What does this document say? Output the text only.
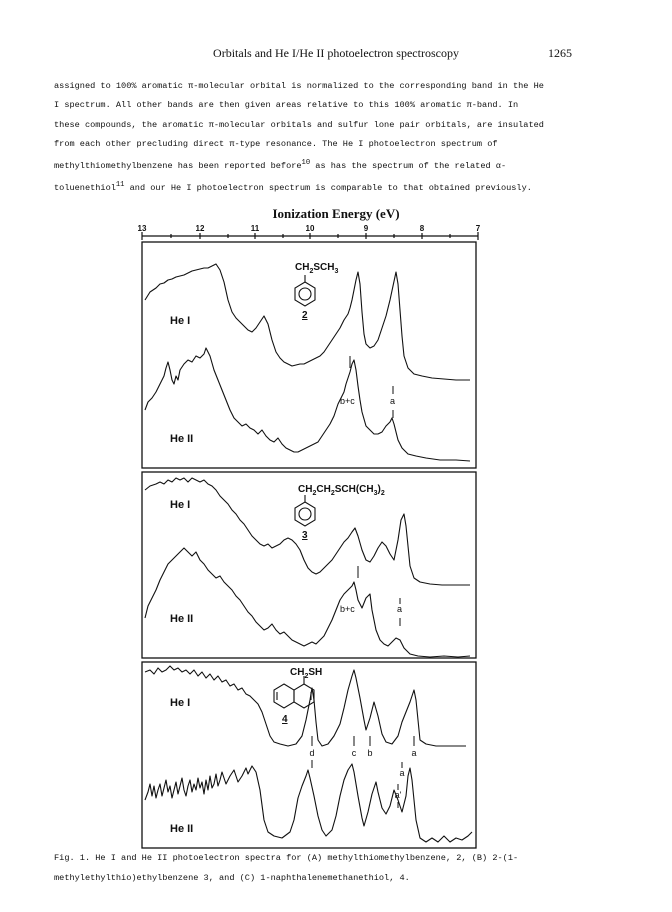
Orbitals and He I/He II photoelectron spectroscopy	1265
assigned to 100% aromatic π-molecular orbital is normalized to the corresponding band in the He
I spectrum. All other bands are then given areas relative to this 100% aromatic π-band. In
these compounds, the aromatic π-molecular orbitals and sulfur lone pair orbitals, are insulated
from each other precluding direct π-type resonance. The He I photoelectron spectrum of
methylthiomethylbenzene has been reported before$^{10}$ as has the spectrum of the related α-
toluenethiol$^{11}$ and our He I photoelectron spectrum is comparable to that obtained previously.
Ionization Energy (eV)
13	12	11	10	9	8	7
$CH_2SCH_3$
2
He I
He II
b+c	a
$CH_2CH_2SCH(CH_3)_2$
3
He I
He II
b+c	a
$CH_2SH$
4
He I
He II
d	c b	a
a
a'
Fig. 1. He I and He II photoelectron spectra for (A) methylthiomethylbenzene, 2, (B) 2-(1-
methylethylthio)ethylbenzene 3, and (C) 1-naphthalenemethanethiol, 4.
